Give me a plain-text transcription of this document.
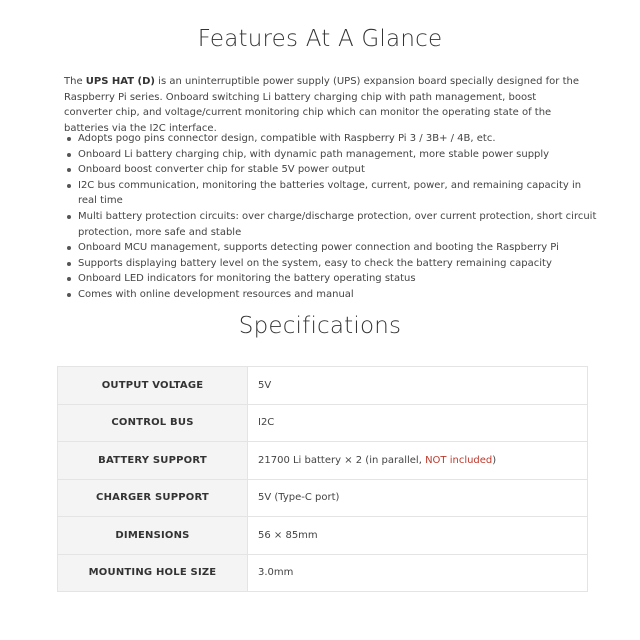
Features At A Glance
The UPS HAT (D) is an uninterruptible power supply (UPS) expansion board specially designed for the Raspberry Pi series. Onboard switching Li battery charging chip with path management, boost converter chip, and voltage/current monitoring chip which can monitor the operating state of the batteries via the I2C interface.
Adopts pogo pins connector design, compatible with Raspberry Pi 3 / 3B+ / 4B, etc.
Onboard Li battery charging chip, with dynamic path management, more stable power supply
Onboard boost converter chip for stable 5V power output
I2C bus communication, monitoring the batteries voltage, current, power, and remaining capacity in real time
Multi battery protection circuits: over charge/discharge protection, over current protection, short circuit protection, more safe and stable
Onboard MCU management, supports detecting power connection and booting the Raspberry Pi
Supports displaying battery level on the system, easy to check the battery remaining capacity
Onboard LED indicators for monitoring the battery operating status
Comes with online development resources and manual
Specifications
OUTPUT VOLTAGE	5V
CONTROL BUS	I2C
BATTERY SUPPORT	21700 Li battery × 2 (in parallel, NOT included)
CHARGER SUPPORT	5V (Type-C port)
DIMENSIONS	56 × 85mm
MOUNTING HOLE SIZE	3.0mm
